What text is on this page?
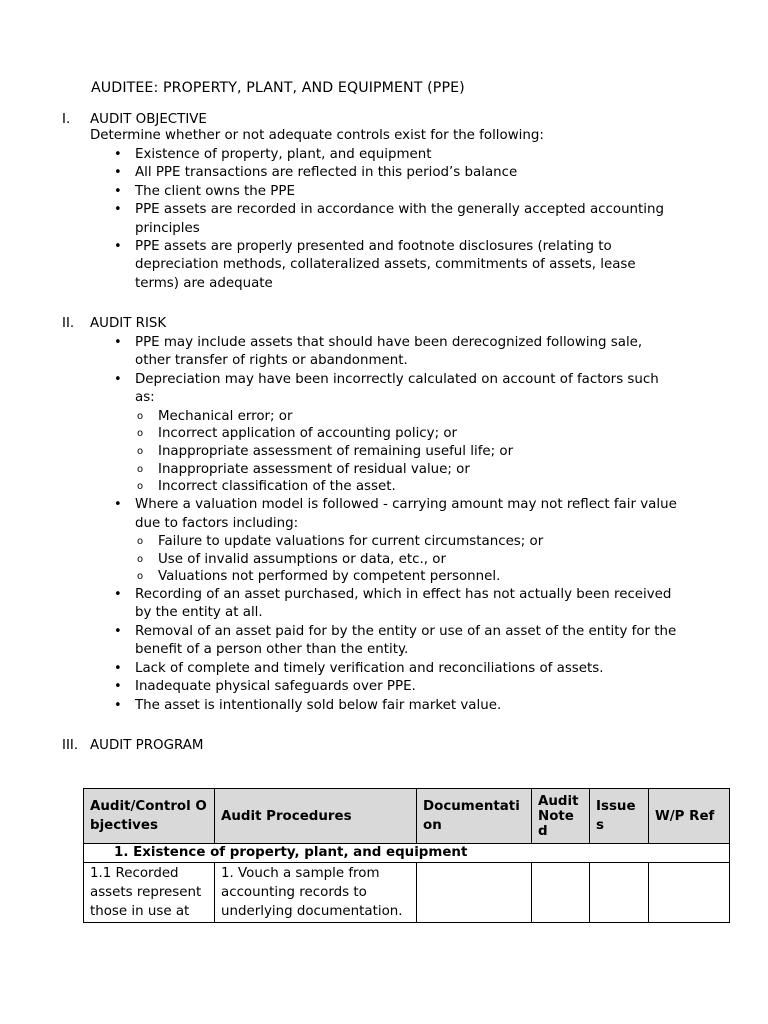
AUDITEE: PROPERTY, PLANT, AND EQUIPMENT (PPE)
I. AUDIT OBJECTIVE
Determine whether or not adequate controls exist for the following:
• Existence of property, plant, and equipment
• All PPE transactions are reflected in this period’s balance
• The client owns the PPE
• PPE assets are recorded in accordance with the generally accepted accounting principles
• PPE assets are properly presented and footnote disclosures (relating to depreciation methods, collateralized assets, commitments of assets, lease terms) are adequate
II. AUDIT RISK
• PPE may include assets that should have been derecognized following sale, other transfer of rights or abandonment.
• Depreciation may have been incorrectly calculated on account of factors such as:
o Mechanical error; or
o Incorrect application of accounting policy; or
o Inappropriate assessment of remaining useful life; or
o Inappropriate assessment of residual value; or
o Incorrect classification of the asset.
• Where a valuation model is followed - carrying amount may not reflect fair value due to factors including:
o Failure to update valuations for current circumstances; or
o Use of invalid assumptions or data, etc., or
o Valuations not performed by competent personnel.
• Recording of an asset purchased, which in effect has not actually been received by the entity at all.
• Removal of an asset paid for by the entity or use of an asset of the entity for the benefit of a person other than the entity.
• Lack of complete and timely verification and reconciliations of assets.
• Inadequate physical safeguards over PPE.
• The asset is intentionally sold below fair market value.
III. AUDIT PROGRAM
Audit/Control Objectives	Audit Procedures	Documentation	Audit Noted	Issues	W/P Ref
1. Existence of property, plant, and equipment					
1.1 Recorded assets represent those in use at	1. Vouch a sample from accounting records to underlying documentation.				
